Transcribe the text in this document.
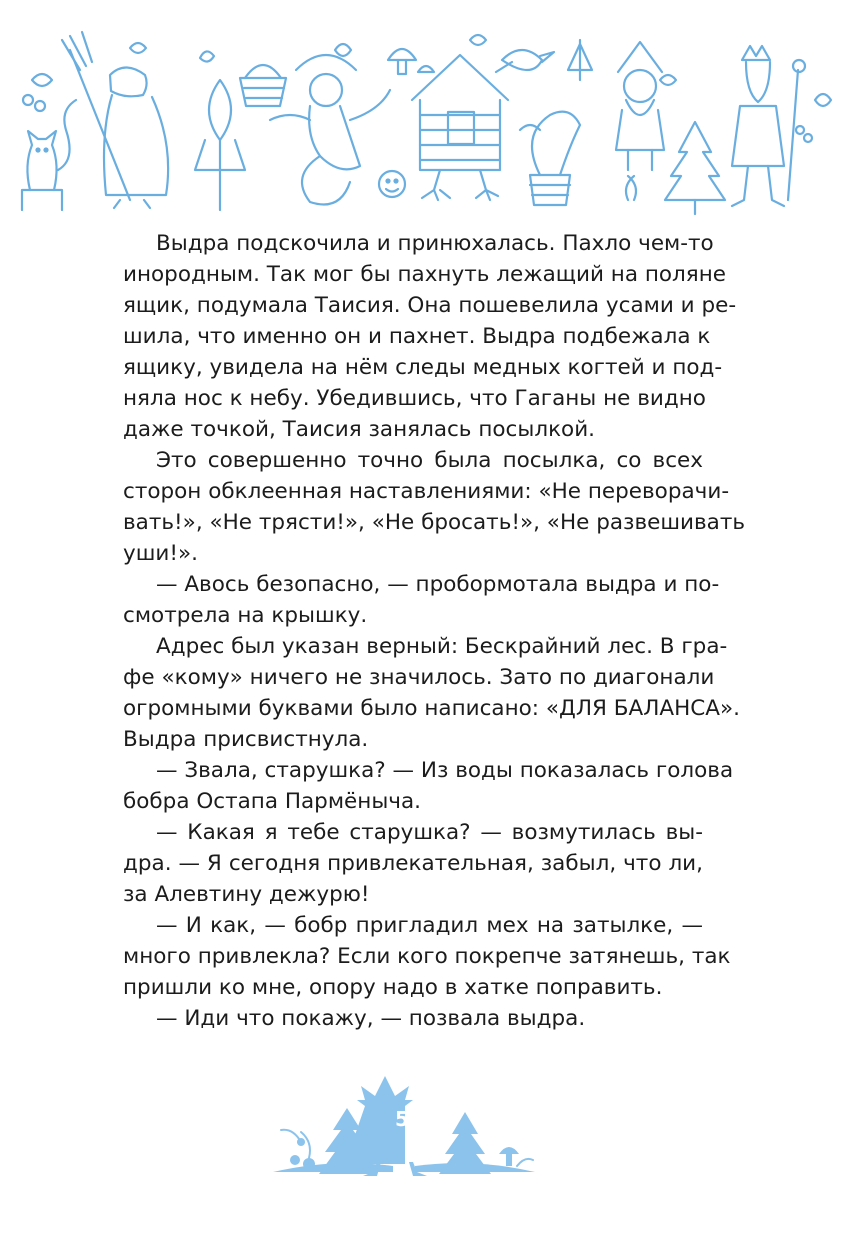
Выдра подскочила и принюхалась. Пахло чем-то
инородным. Так мог бы пахнуть лежащий на поляне
ящик, подумала Таисия. Она пошевелила усами и ре-
шила, что именно он и пахнет. Выдра подбежала к
ящику, увидела на нём следы медных когтей и под-
няла нос к небу. Убедившись, что Гаганы не видно
даже точкой, Таисия занялась посылкой.
Это совершенно точно была посылка, со всех
сторон обклеенная наставлениями: «Не переворачи-
вать!», «Не трясти!», «Не бросать!», «Не развешивать
уши!».
— Авось безопасно, — пробормотала выдра и по-
смотрела на крышку.
Адрес был указан верный: Бескрайний лес. В гра-
фе «кому» ничего не значилось. Зато по диагонали
огромными буквами было написано: «ДЛЯ БАЛАНСА».
Выдра присвистнула.
— Звала, старушка? — Из воды показалась голова
бобра Остапа Пармёныча.
— Какая я тебе старушка? — возмутилась вы-
дра. — Я сегодня привлекательная, забыл, что ли,
за Алевтину дежурю!
— И как, — бобр пригладил мех на затылке, —
много привлекла? Если кого покрепче затянешь, так
пришли ко мне, опору надо в хатке поправить.
— Иди что покажу, — позвала выдра.
5
